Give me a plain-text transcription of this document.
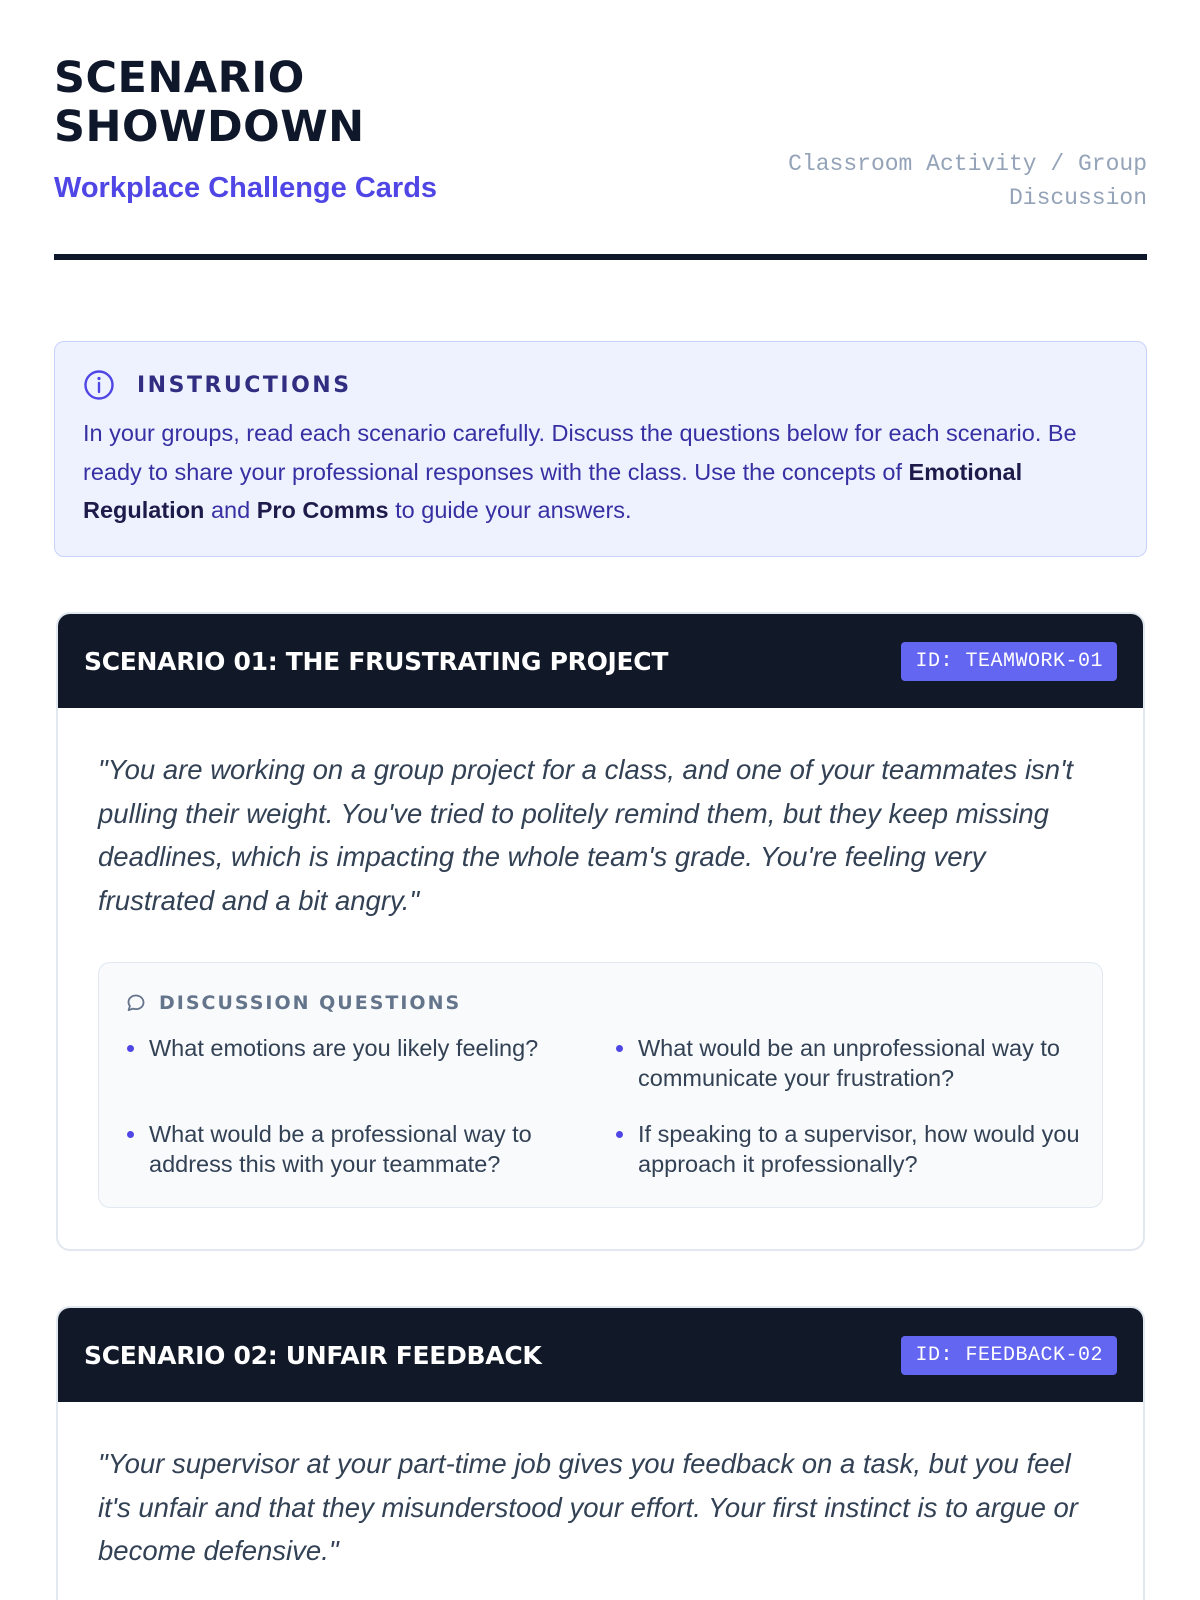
SCENARIO SHOWDOWN
Workplace Challenge Cards
Classroom Activity / Group Discussion
INSTRUCTIONS

In your groups, read each scenario carefully. Discuss the questions below for each scenario. Be ready to share your professional responses with the class. Use the concepts of Emotional Regulation and Pro Comms to guide your answers.

SCENARIO 01: THE FRUSTRATING PROJECT	ID: TEAMWORK-01

"You are working on a group project for a class, and one of your teammates isn't pulling their weight. You've tried to politely remind them, but they keep missing deadlines, which is impacting the whole team's grade. You're feeling very frustrated and a bit angry."

DISCUSSION QUESTIONS
What emotions are you likely feeling?	What would be an unprofessional way to communicate your frustration?
What would be a professional way to address this with your teammate?
If speaking to a supervisor, how would you approach it professionally?
SCENARIO 02: UNFAIR FEEDBACK	ID: FEEDBACK-02

"Your supervisor at your part-time job gives you feedback on a task, but you feel it's unfair and that they misunderstood your effort. Your first instinct is to argue or become defensive."
